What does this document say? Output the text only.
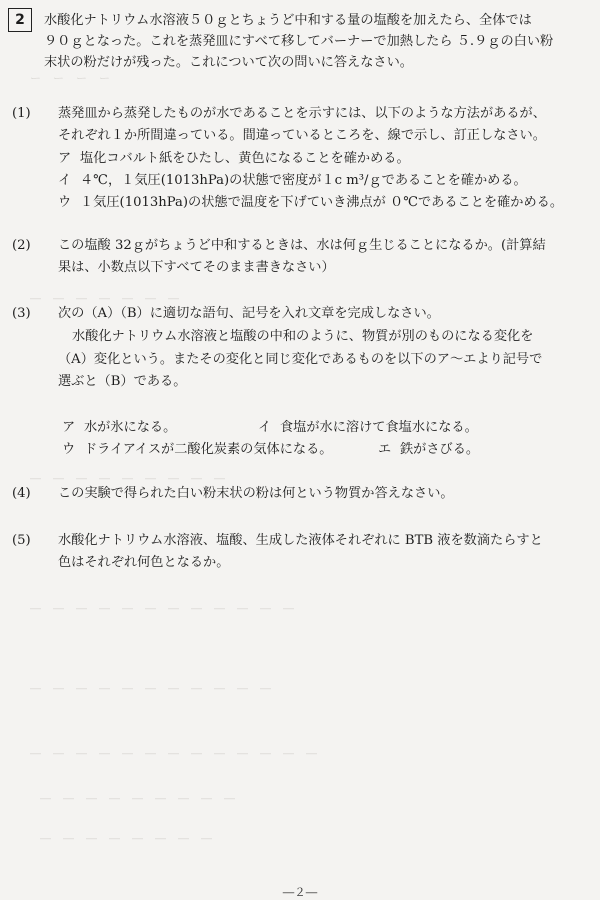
ー　ー　ー　ー
―　―　―　―　―　―　―
―　―　―　―　―　―　―　―　―
―　―　―　―　―　―　―　―　―　―　―　―
―　―　―　―　―　―　―　―　―　―　―
―　―　―　―　―　―　―　―　―　―　―　―　―
―　―　―　―　―　―　―　―　―
―　―　―　―　―　―　―　―
2	水酸化ナトリウム水溶液５０ｇとちょうど中和する量の塩酸を加えたら、全体では
９０ｇとなった。これを蒸発皿にすべて移してバーナーで加熱したら ５.９ｇの白い粉
末状の粉だけが残った。これについて次の問いに答えなさい。
(1) 蒸発皿から蒸発したものが水であることを示すには、以下のような方法があるが、
それぞれ１か所間違っている。間違っているところを、線で示し、訂正しなさい。
ア 塩化コバルト紙をひたし、黄色になることを確かめる。
イ ４℃，１気圧(1013hPa)の状態で密度が１c m³/ｇであることを確かめる。
ウ １気圧(1013hPa)の状態で温度を下げていき沸点が ０℃であることを確かめる。
(2) この塩酸 32ｇがちょうど中和するときは、水は何ｇ生じることになるか。(計算結
果は、小数点以下すべてそのまま書きなさい）
(3) 次の（A）（B）に適切な語句、記号を入れ文章を完成しなさい。
水酸化ナトリウム水溶液と塩酸の中和のように、物質が別のものになる変化を
（A）変化という。またその変化と同じ変化であるものを以下のア～エより記号で
選ぶと（B）である。
ア 水が氷になる。	イ 食塩が水に溶けて食塩水になる。
ウ ドライアイスが二酸化炭素の気体になる。	エ 鉄がさびる。
(4) この実験で得られた白い粉末状の粉は何という物質か答えなさい。
(5) 水酸化ナトリウム水溶液、塩酸、生成した液体それぞれに BTB 液を数滴たらすと
色はそれぞれ何色となるか。
―２―
